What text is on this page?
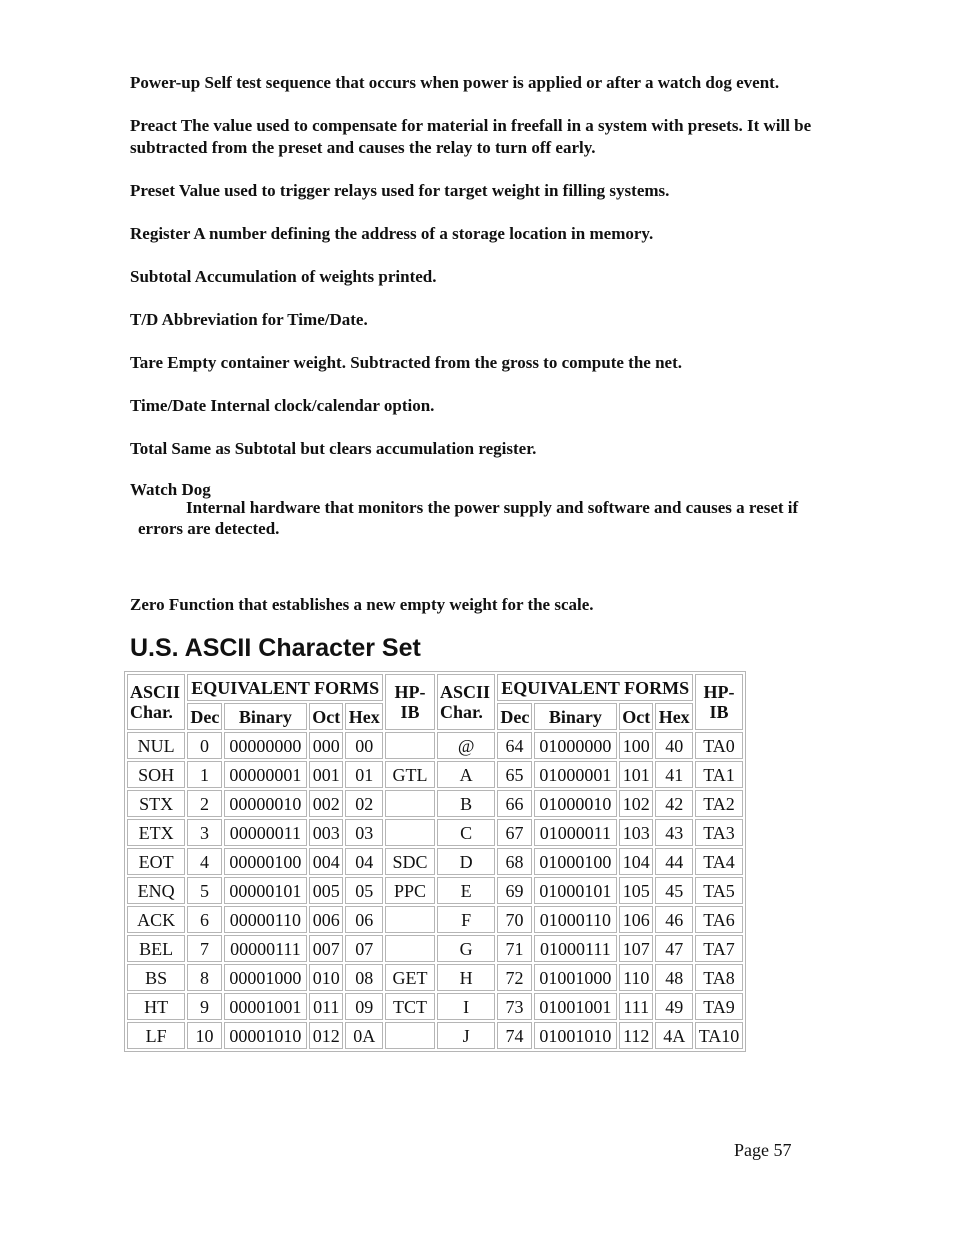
Power-up Self test sequence that occurs when power is applied or after a watch dog event.

Preact The value used to compensate for material in freefall in a system with presets. It will be subtracted from the preset and causes the relay to turn off early.

Preset Value used to trigger relays used for target weight in filling systems.

Register A number defining the address of a storage location in memory.

Subtotal Accumulation of weights printed.

T/D Abbreviation for Time/Date.

Tare Empty container weight. Subtracted from the gross to compute the net.

Time/Date Internal clock/calendar option.

Total Same as Subtotal but clears accumulation register.

Watch Dog
Internal hardware that monitors the power supply and software and causes a reset if errors are detected.
Zero Function that establishes a new empty weight for the scale.
U.S. ASCII Character Set
ASCII Char.	EQUIVALENT FORMS				HP-IB	ASCII Char.	EQUIVALENT FORMS				HP-IB
	Dec	Binary	Oct	Hex			Dec	Binary	Oct	Hex	
NUL	0	00000000	000	00		@	64	01000000	100	40	TA0
SOH	1	00000001	001	01	GTL	A	65	01000001	101	41	TA1
STX	2	00000010	002	02		B	66	01000010	102	42	TA2
ETX	3	00000011	003	03		C	67	01000011	103	43	TA3
EOT	4	00000100	004	04	SDC	D	68	01000100	104	44	TA4
ENQ	5	00000101	005	05	PPC	E	69	01000101	105	45	TA5
ACK	6	00000110	006	06		F	70	01000110	106	46	TA6
BEL	7	00000111	007	07		G	71	01000111	107	47	TA7
BS	8	00001000	010	08	GET	H	72	01001000	110	48	TA8
HT	9	00001001	011	09	TCT	I	73	01001001	111	49	TA9
LF	10	00001010	012	0A		J	74	01001010	112	4A	TA10
Page 57
